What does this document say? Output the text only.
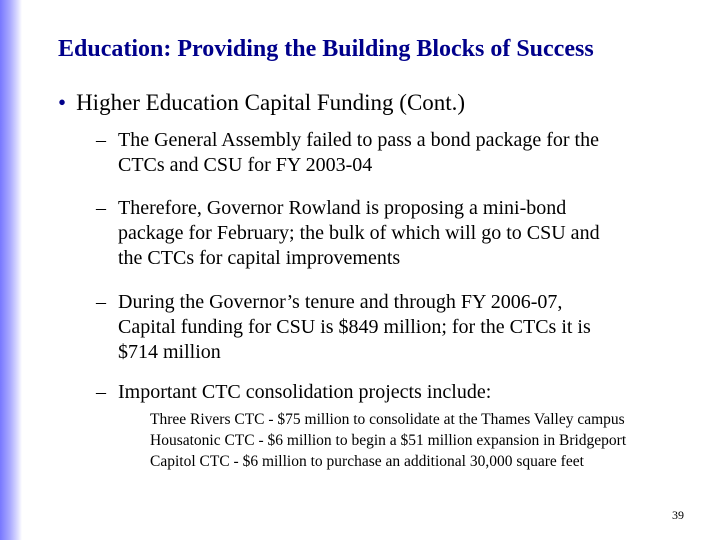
Education: Providing the Building Blocks of Success
• Higher Education Capital Funding (Cont.)
– The General Assembly failed to pass a bond package for the
CTCs and CSU for FY 2003-04
– Therefore, Governor Rowland is proposing a mini-bond
package for February; the bulk of which will go to CSU and
the CTCs for capital improvements
– During the Governor’s tenure and through FY 2006-07,
Capital funding for CSU is $849 million; for the CTCs it is
$714 million
– Important CTC consolidation projects include:
Three Rivers CTC - $75 million to consolidate at the Thames Valley campus
Housatonic CTC - $6 million to begin a $51 million expansion in Bridgeport
Capitol CTC - $6 million to purchase an additional 30,000 square feet
39
